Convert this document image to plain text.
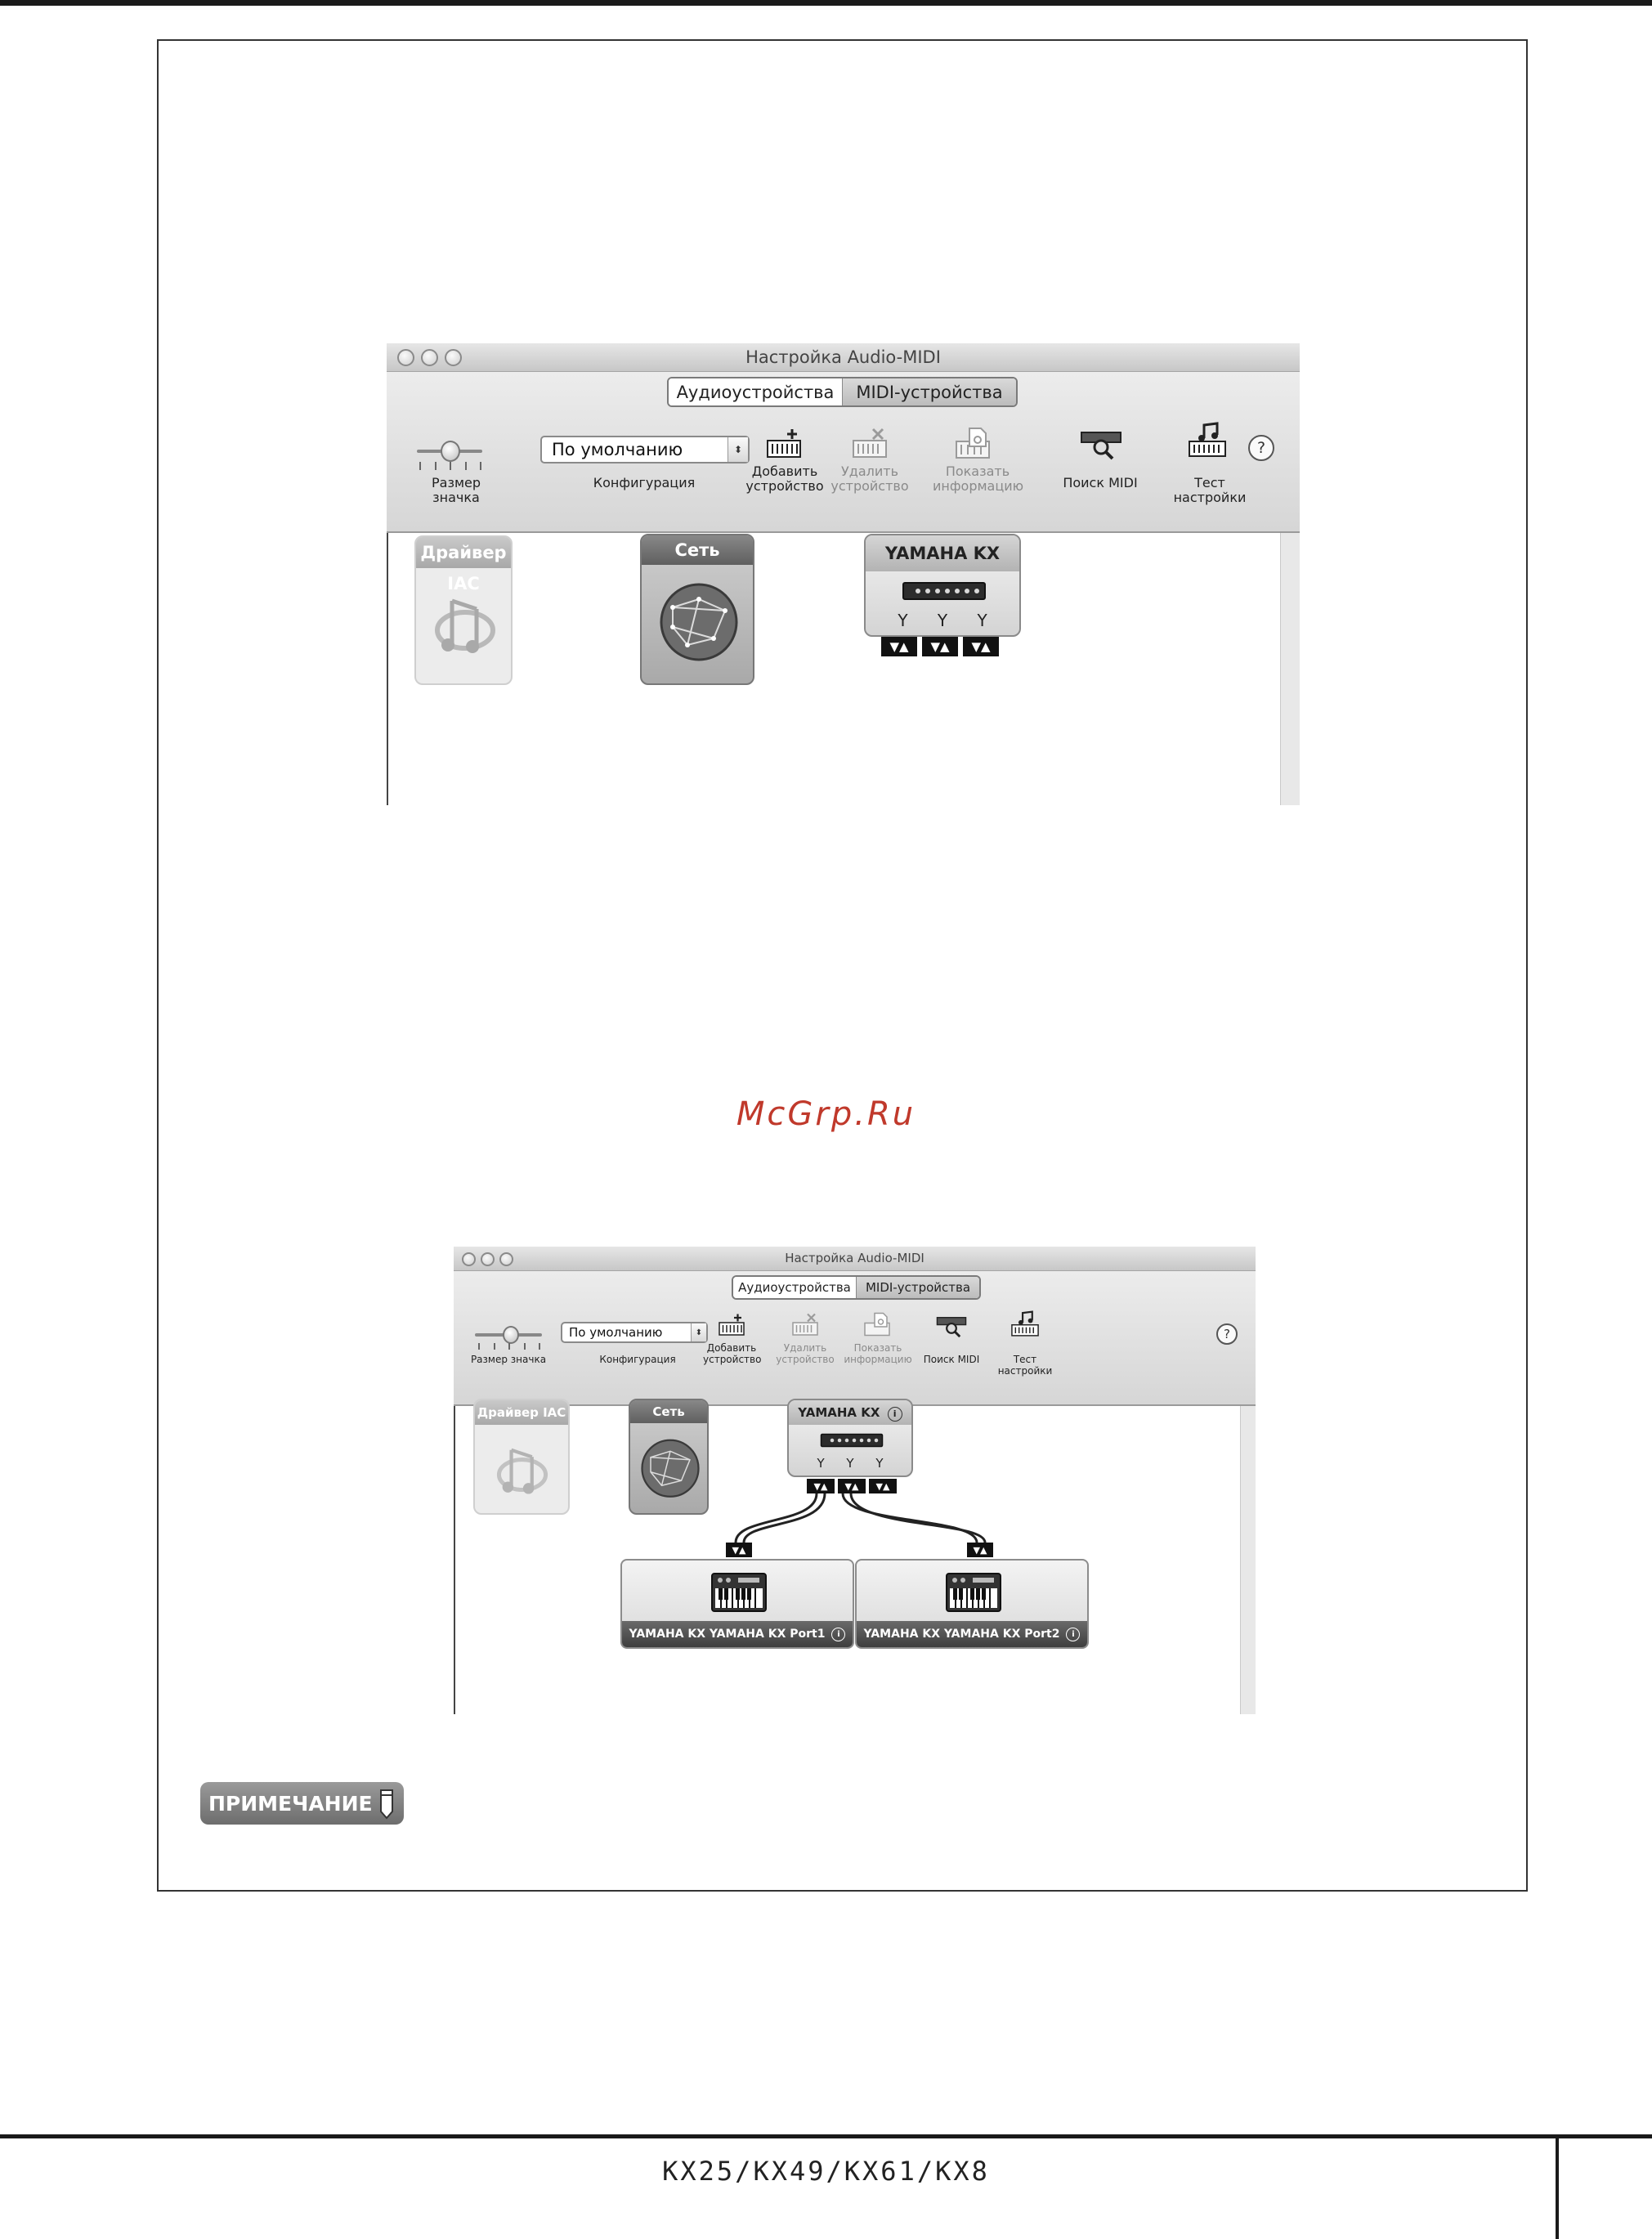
Настройка Audio-MIDI
Аудиоустройства	MIDI-устройства
Размер значка
По умолчанию	⬍
Конфигурация
Добавить устройство
Удалить устройство
Показать информацию	Поиск MIDI	Тест настройки
?
Драйвер IAC
Сеть	YAMAHA KX
Y Y Y
▼▲	▼▲	▼▲
McGrp.Ru
Настройка Audio-MIDI
Аудиоустройства	MIDI-устройства
Размер значка
По умолчанию	⬍
Конфигурация
Добавить устройство
Удалить устройство
Показать информацию Поиск MIDI	Тест настройки
?
Драйвер IAC	Сеть	YAMAHA KX i
Y Y Y
▼▲	▼▲	▼▲
▼▲	▼▲
YAMAHA KX YAMAHA KX Port1	i	YAMAHA KX YAMAHA KX Port2	i
ПРИМЕЧАНИЕ
KX25/KX49/KX61/KX8
